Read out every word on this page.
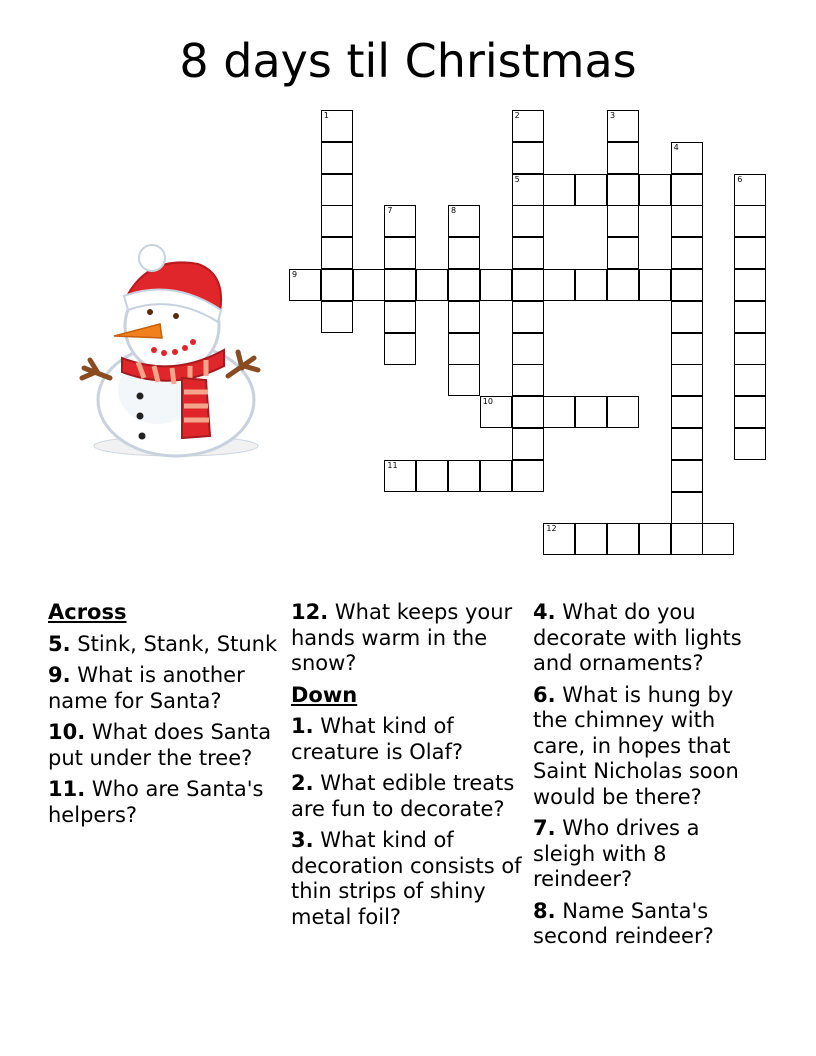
8 days til Christmas
1	2
5
3
4
6
7	8
9
10
11
12
Across
5. Stink, Stank, Stunk
9. What is another name for Santa?
10. What does Santa put under the tree?
11. Who are Santa's helpers?
12. What keeps your hands warm in the snow?
Down
1. What kind of creature is Olaf?
2. What edible treats are fun to decorate?
3. What kind of decoration consists of thin strips of shiny metal foil?
4. What do you decorate with lights and ornaments?
6. What is hung by the chimney with care, in hopes that Saint Nicholas soon would be there?
7. Who drives a sleigh with 8 reindeer?
8. Name Santa's second reindeer?
